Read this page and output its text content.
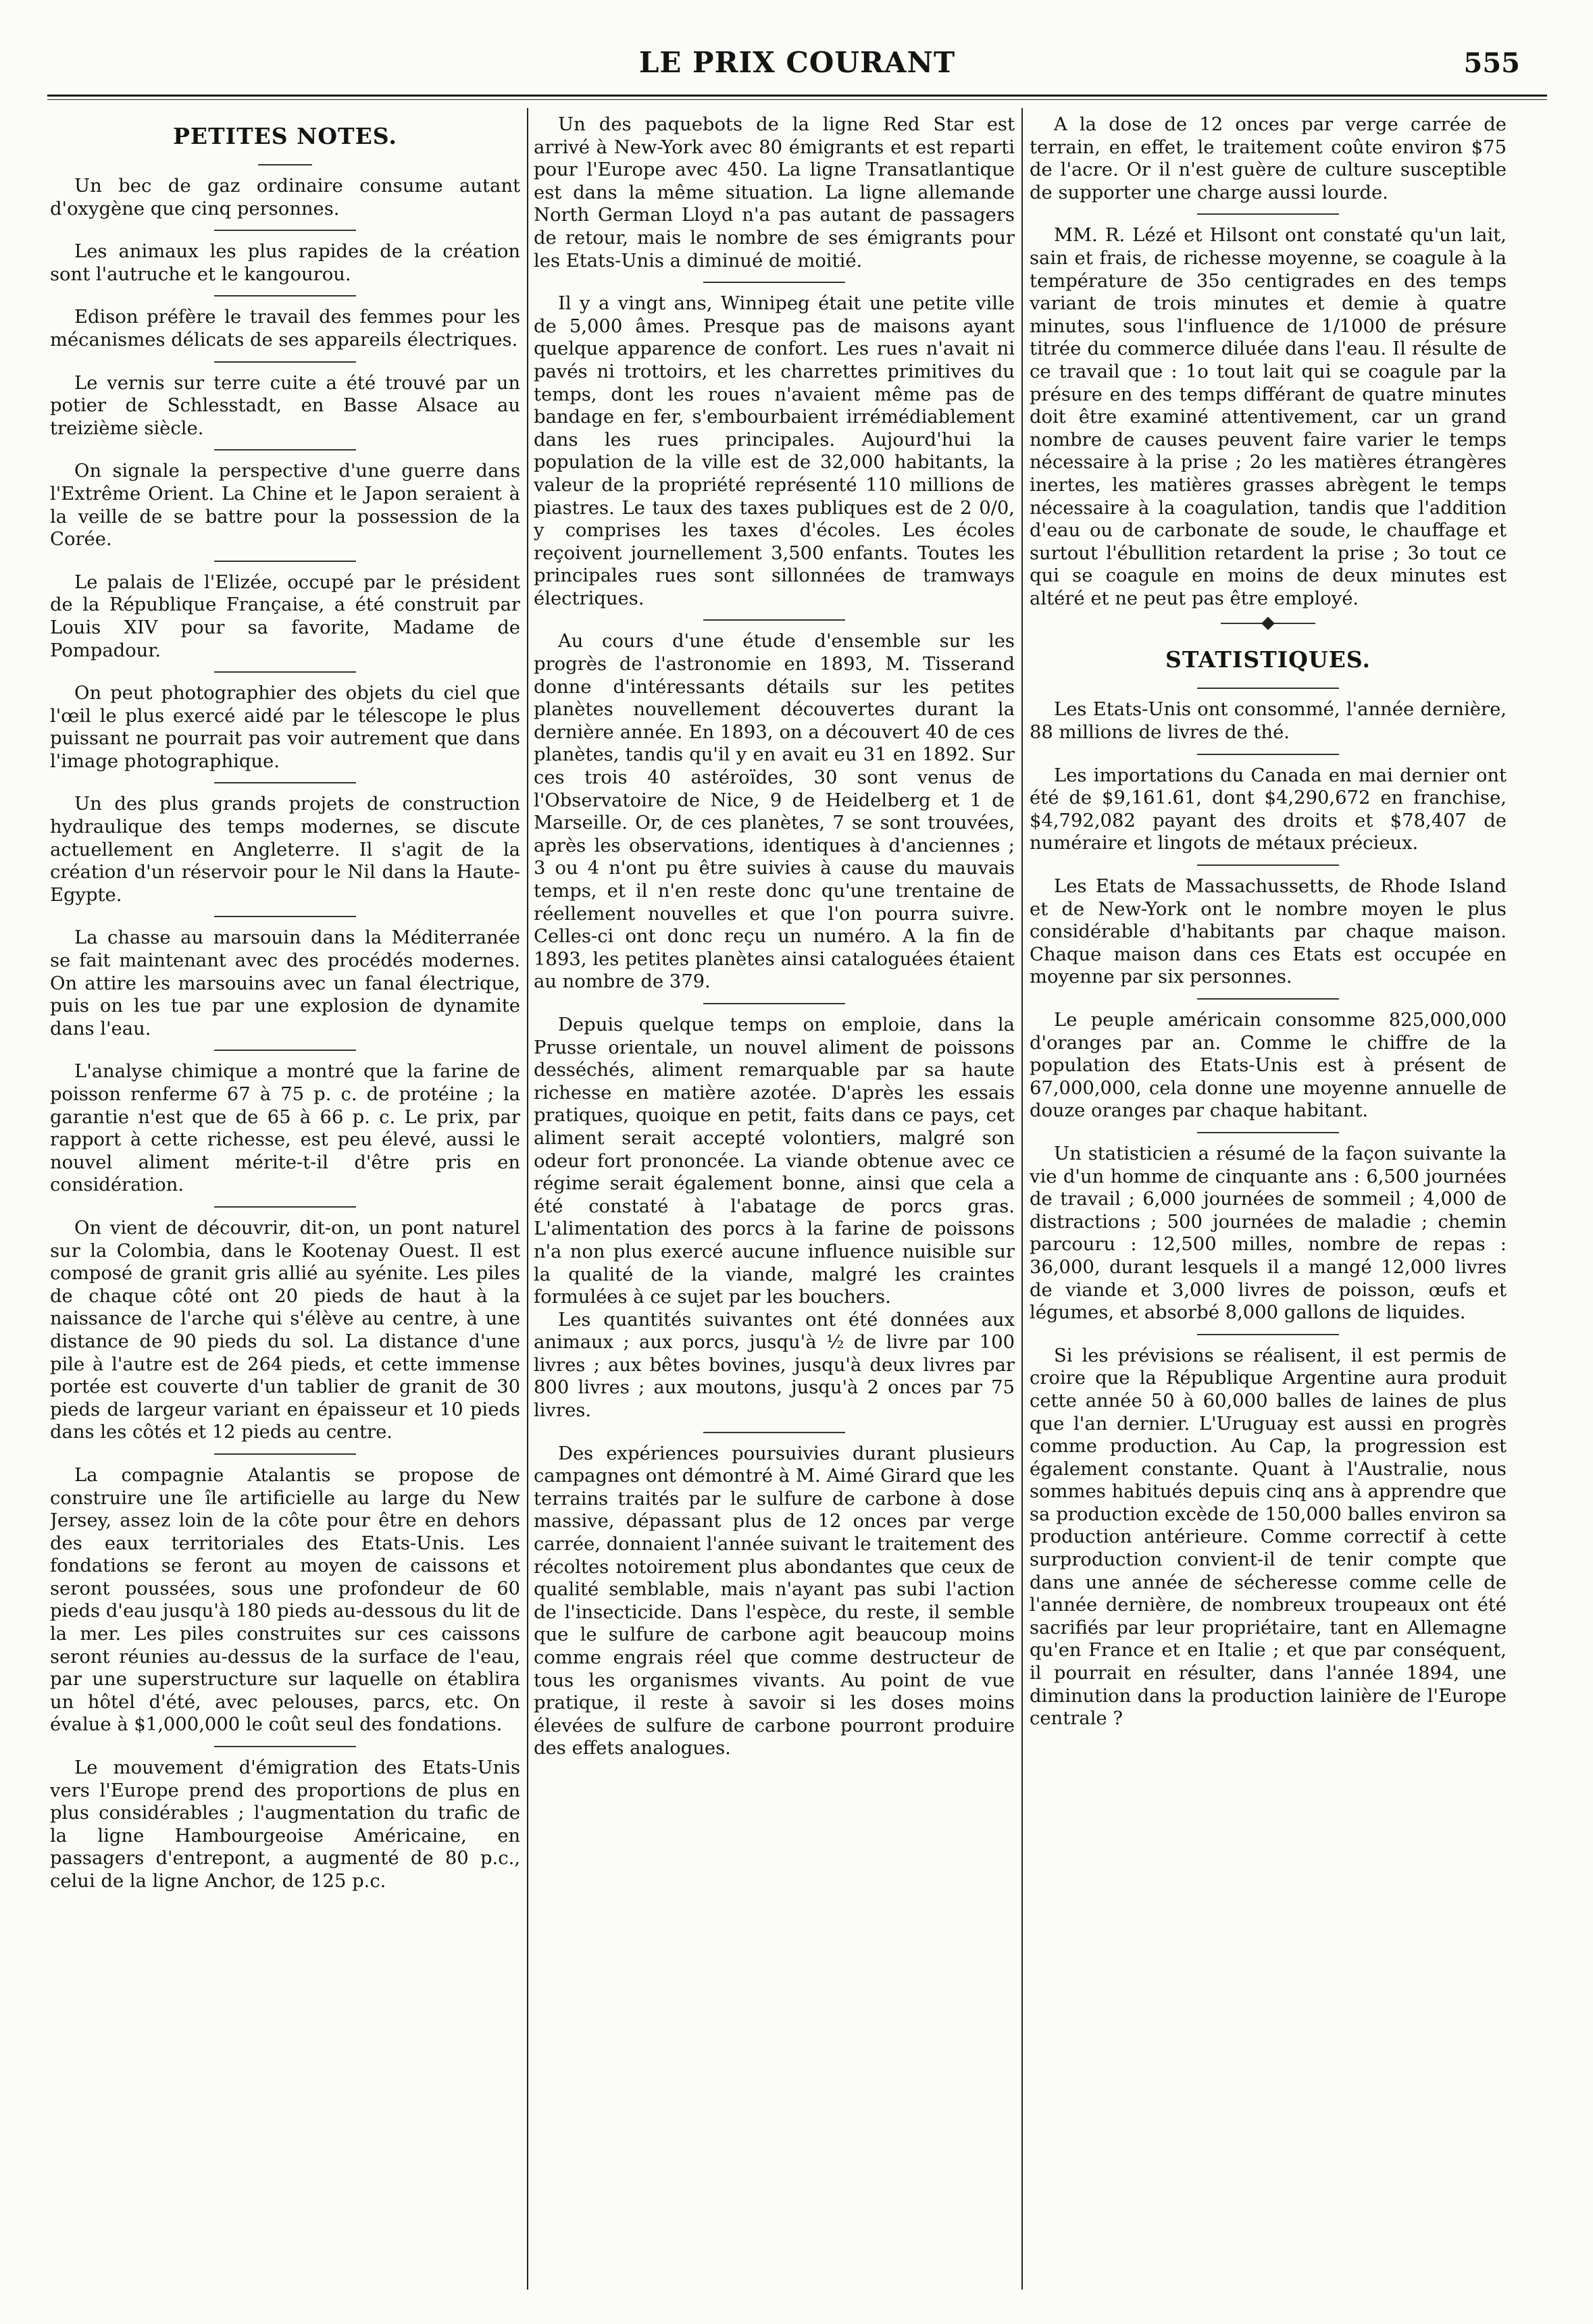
LE PRIX COURANT	555
PETITES NOTES.

Un bec de gaz ordinaire consume autant d'oxygène que cinq personnes.

Les animaux les plus rapides de la création sont l'autruche et le kangourou.

Edison préfère le travail des femmes pour les mécanismes délicats de ses appareils électriques.

Le vernis sur terre cuite a été trouvé par un potier de Schlesstadt, en Basse Alsace au treizième siècle.

On signale la perspective d'une guerre dans l'Extrême Orient. La Chine et le Japon seraient à la veille de se battre pour la possession de la Corée.

Le palais de l'Elizée, occupé par le président de la République Française, a été construit par Louis XIV pour sa favorite, Madame de Pompadour.

On peut photographier des objets du ciel que l'œil le plus exercé aidé par le télescope le plus puissant ne pourrait pas voir autrement que dans l'image photographique.

Un des plus grands projets de construction hydraulique des temps modernes, se discute actuellement en Angleterre. Il s'agit de la création d'un réservoir pour le Nil dans la Haute-Egypte.

La chasse au marsouin dans la Méditerranée se fait maintenant avec des procédés modernes. On attire les marsouins avec un fanal électrique, puis on les tue par une explosion de dynamite dans l'eau.

L'analyse chimique a montré que la farine de poisson renferme 67 à 75 p. c. de protéine ; la garantie n'est que de 65 à 66 p. c. Le prix, par rapport à cette richesse, est peu élevé, aussi le nouvel aliment mérite-t-il d'être pris en considération.

On vient de découvrir, dit-on, un pont naturel sur la Colombia, dans le Kootenay Ouest. Il est composé de granit gris allié au syénite. Les piles de chaque côté ont 20 pieds de haut à la naissance de l'arche qui s'élève au centre, à une distance de 90 pieds du sol. La distance d'une pile à l'autre est de 264 pieds, et cette immense portée est couverte d'un tablier de granit de 30 pieds de largeur variant en épaisseur et 10 pieds dans les côtés et 12 pieds au centre.

La compagnie Atalantis se propose de construire une île artificielle au large du New Jersey, assez loin de la côte pour être en dehors des eaux territoriales des Etats-Unis. Les fondations se feront au moyen de caissons et seront poussées, sous une profondeur de 60 pieds d'eau jusqu'à 180 pieds au-dessous du lit de la mer. Les piles construites sur ces caissons seront réunies au-dessus de la surface de l'eau, par une superstructure sur laquelle on établira un hôtel d'été, avec pelouses, parcs, etc. On évalue à $1,000,000 le coût seul des fondations.

Le mouvement d'émigration des Etats-Unis vers l'Europe prend des proportions de plus en plus considérables ; l'augmentation du trafic de la ligne Hambourgeoise Américaine, en passagers d'entrepont, a augmenté de 80 p.c., celui de la ligne Anchor, de 125 p.c.

Un des paquebots de la ligne Red Star est arrivé à New-York avec 80 émigrants et est reparti pour l'Europe avec 450. La ligne Transatlantique est dans la même situation. La ligne allemande North German Lloyd n'a pas autant de passagers de retour, mais le nombre de ses émigrants pour les Etats-Unis a diminué de moitié.

Il y a vingt ans, Winnipeg était une petite ville de 5,000 âmes. Presque pas de maisons ayant quelque apparence de confort. Les rues n'avait ni pavés ni trottoirs, et les charrettes primitives du temps, dont les roues n'avaient même pas de bandage en fer, s'embourbaient irrémédiablement dans les rues principales. Aujourd'hui la population de la ville est de 32,000 habitants, la valeur de la propriété représenté 110 millions de piastres. Le taux des taxes publiques est de 2 0/0, y comprises les taxes d'écoles. Les écoles reçoivent journellement 3,500 enfants. Toutes les principales rues sont sillonnées de tramways électriques.

Au cours d'une étude d'ensemble sur les progrès de l'astronomie en 1893, M. Tisserand donne d'intéressants détails sur les petites planètes nouvellement découvertes durant la dernière année. En 1893, on a découvert 40 de ces planètes, tandis qu'il y en avait eu 31 en 1892. Sur ces trois 40 astéroïdes, 30 sont venus de l'Observatoire de Nice, 9 de Heidelberg et 1 de Marseille. Or, de ces planètes, 7 se sont trouvées, après les observations, identiques à d'anciennes ; 3 ou 4 n'ont pu être suivies à cause du mauvais temps, et il n'en reste donc qu'une trentaine de réellement nouvelles et que l'on pourra suivre. Celles-ci ont donc reçu un numéro. A la fin de 1893, les petites planètes ainsi cataloguées étaient au nombre de 379.

Depuis quelque temps on emploie, dans la Prusse orientale, un nouvel aliment de poissons desséchés, aliment remarquable par sa haute richesse en matière azotée. D'après les essais pratiques, quoique en petit, faits dans ce pays, cet aliment serait accepté volontiers, malgré son odeur fort prononcée. La viande obtenue avec ce régime serait également bonne, ainsi que cela a été constaté à l'abatage de porcs gras. L'alimentation des porcs à la farine de poissons n'a non plus exercé aucune influence nuisible sur la qualité de la viande, malgré les craintes formulées à ce sujet par les bouchers.

Les quantités suivantes ont été données aux animaux ; aux porcs, jusqu'à ½ de livre par 100 livres ; aux bêtes bovines, jusqu'à deux livres par 800 livres ; aux moutons, jusqu'à 2 onces par 75 livres.

Des expériences poursuivies durant plusieurs campagnes ont démontré à M. Aimé Girard que les terrains traités par le sulfure de carbone à dose massive, dépassant plus de 12 onces par verge carrée, donnaient l'année suivant le traitement des récoltes notoirement plus abondantes que ceux de qualité semblable, mais n'ayant pas subi l'action de l'insecticide. Dans l'espèce, du reste, il semble que le sulfure de carbone agit beaucoup moins comme engrais réel que comme destructeur de tous les organismes vivants. Au point de vue pratique, il reste à savoir si les doses moins élevées de sulfure de carbone pourront produire des effets analogues.

A la dose de 12 onces par verge carrée de terrain, en effet, le traitement coûte environ $75 de l'acre. Or il n'est guère de culture susceptible de supporter une charge aussi lourde.

MM. R. Lézé et Hilsont ont constaté qu'un lait, sain et frais, de richesse moyenne, se coagule à la température de 35o centigrades en des temps variant de trois minutes et demie à quatre minutes, sous l'influence de 1/1000 de présure titrée du commerce diluée dans l'eau. Il résulte de ce travail que : 1o tout lait qui se coagule par la présure en des temps différant de quatre minutes doit être examiné attentivement, car un grand nombre de causes peuvent faire varier le temps nécessaire à la prise ; 2o les matières étrangères inertes, les matières grasses abrègent le temps nécessaire à la coagulation, tandis que l'addition d'eau ou de carbonate de soude, le chauffage et surtout l'ébullition retardent la prise ; 3o tout ce qui se coagule en moins de deux minutes est altéré et ne peut pas être employé.

STATISTIQUES.

Les Etats-Unis ont consommé, l'année dernière, 88 millions de livres de thé.

Les importations du Canada en mai dernier ont été de $9,161.61, dont $4,290,672 en franchise, $4,792,082 payant des droits et $78,407 de numéraire et lingots de métaux précieux.

Les Etats de Massachussetts, de Rhode Island et de New-York ont le nombre moyen le plus considérable d'habitants par chaque maison. Chaque maison dans ces Etats est occupée en moyenne par six personnes.

Le peuple américain consomme 825,000,000 d'oranges par an. Comme le chiffre de la population des Etats-Unis est à présent de 67,000,000, cela donne une moyenne annuelle de douze oranges par chaque habitant.

Un statisticien a résumé de la façon suivante la vie d'un homme de cinquante ans : 6,500 journées de travail ; 6,000 journées de sommeil ; 4,000 de distractions ; 500 journées de maladie ; chemin parcouru : 12,500 milles, nombre de repas : 36,000, durant lesquels il a mangé 12,000 livres de viande et 3,000 livres de poisson, œufs et légumes, et absorbé 8,000 gallons de liquides.

Si les prévisions se réalisent, il est permis de croire que la République Argentine aura produit cette année 50 à 60,000 balles de laines de plus que l'an dernier. L'Uruguay est aussi en progrès comme production. Au Cap, la progression est également constante. Quant à l'Australie, nous sommes habitués depuis cinq ans à apprendre que sa production excède de 150,000 balles environ sa production antérieure. Comme correctif à cette surproduction convient-il de tenir compte que dans une année de sécheresse comme celle de l'année dernière, de nombreux troupeaux ont été sacrifiés par leur propriétaire, tant en Allemagne qu'en France et en Italie ; et que par conséquent, il pourrait en résulter, dans l'année 1894, une diminution dans la production lainière de l'Europe centrale ?
